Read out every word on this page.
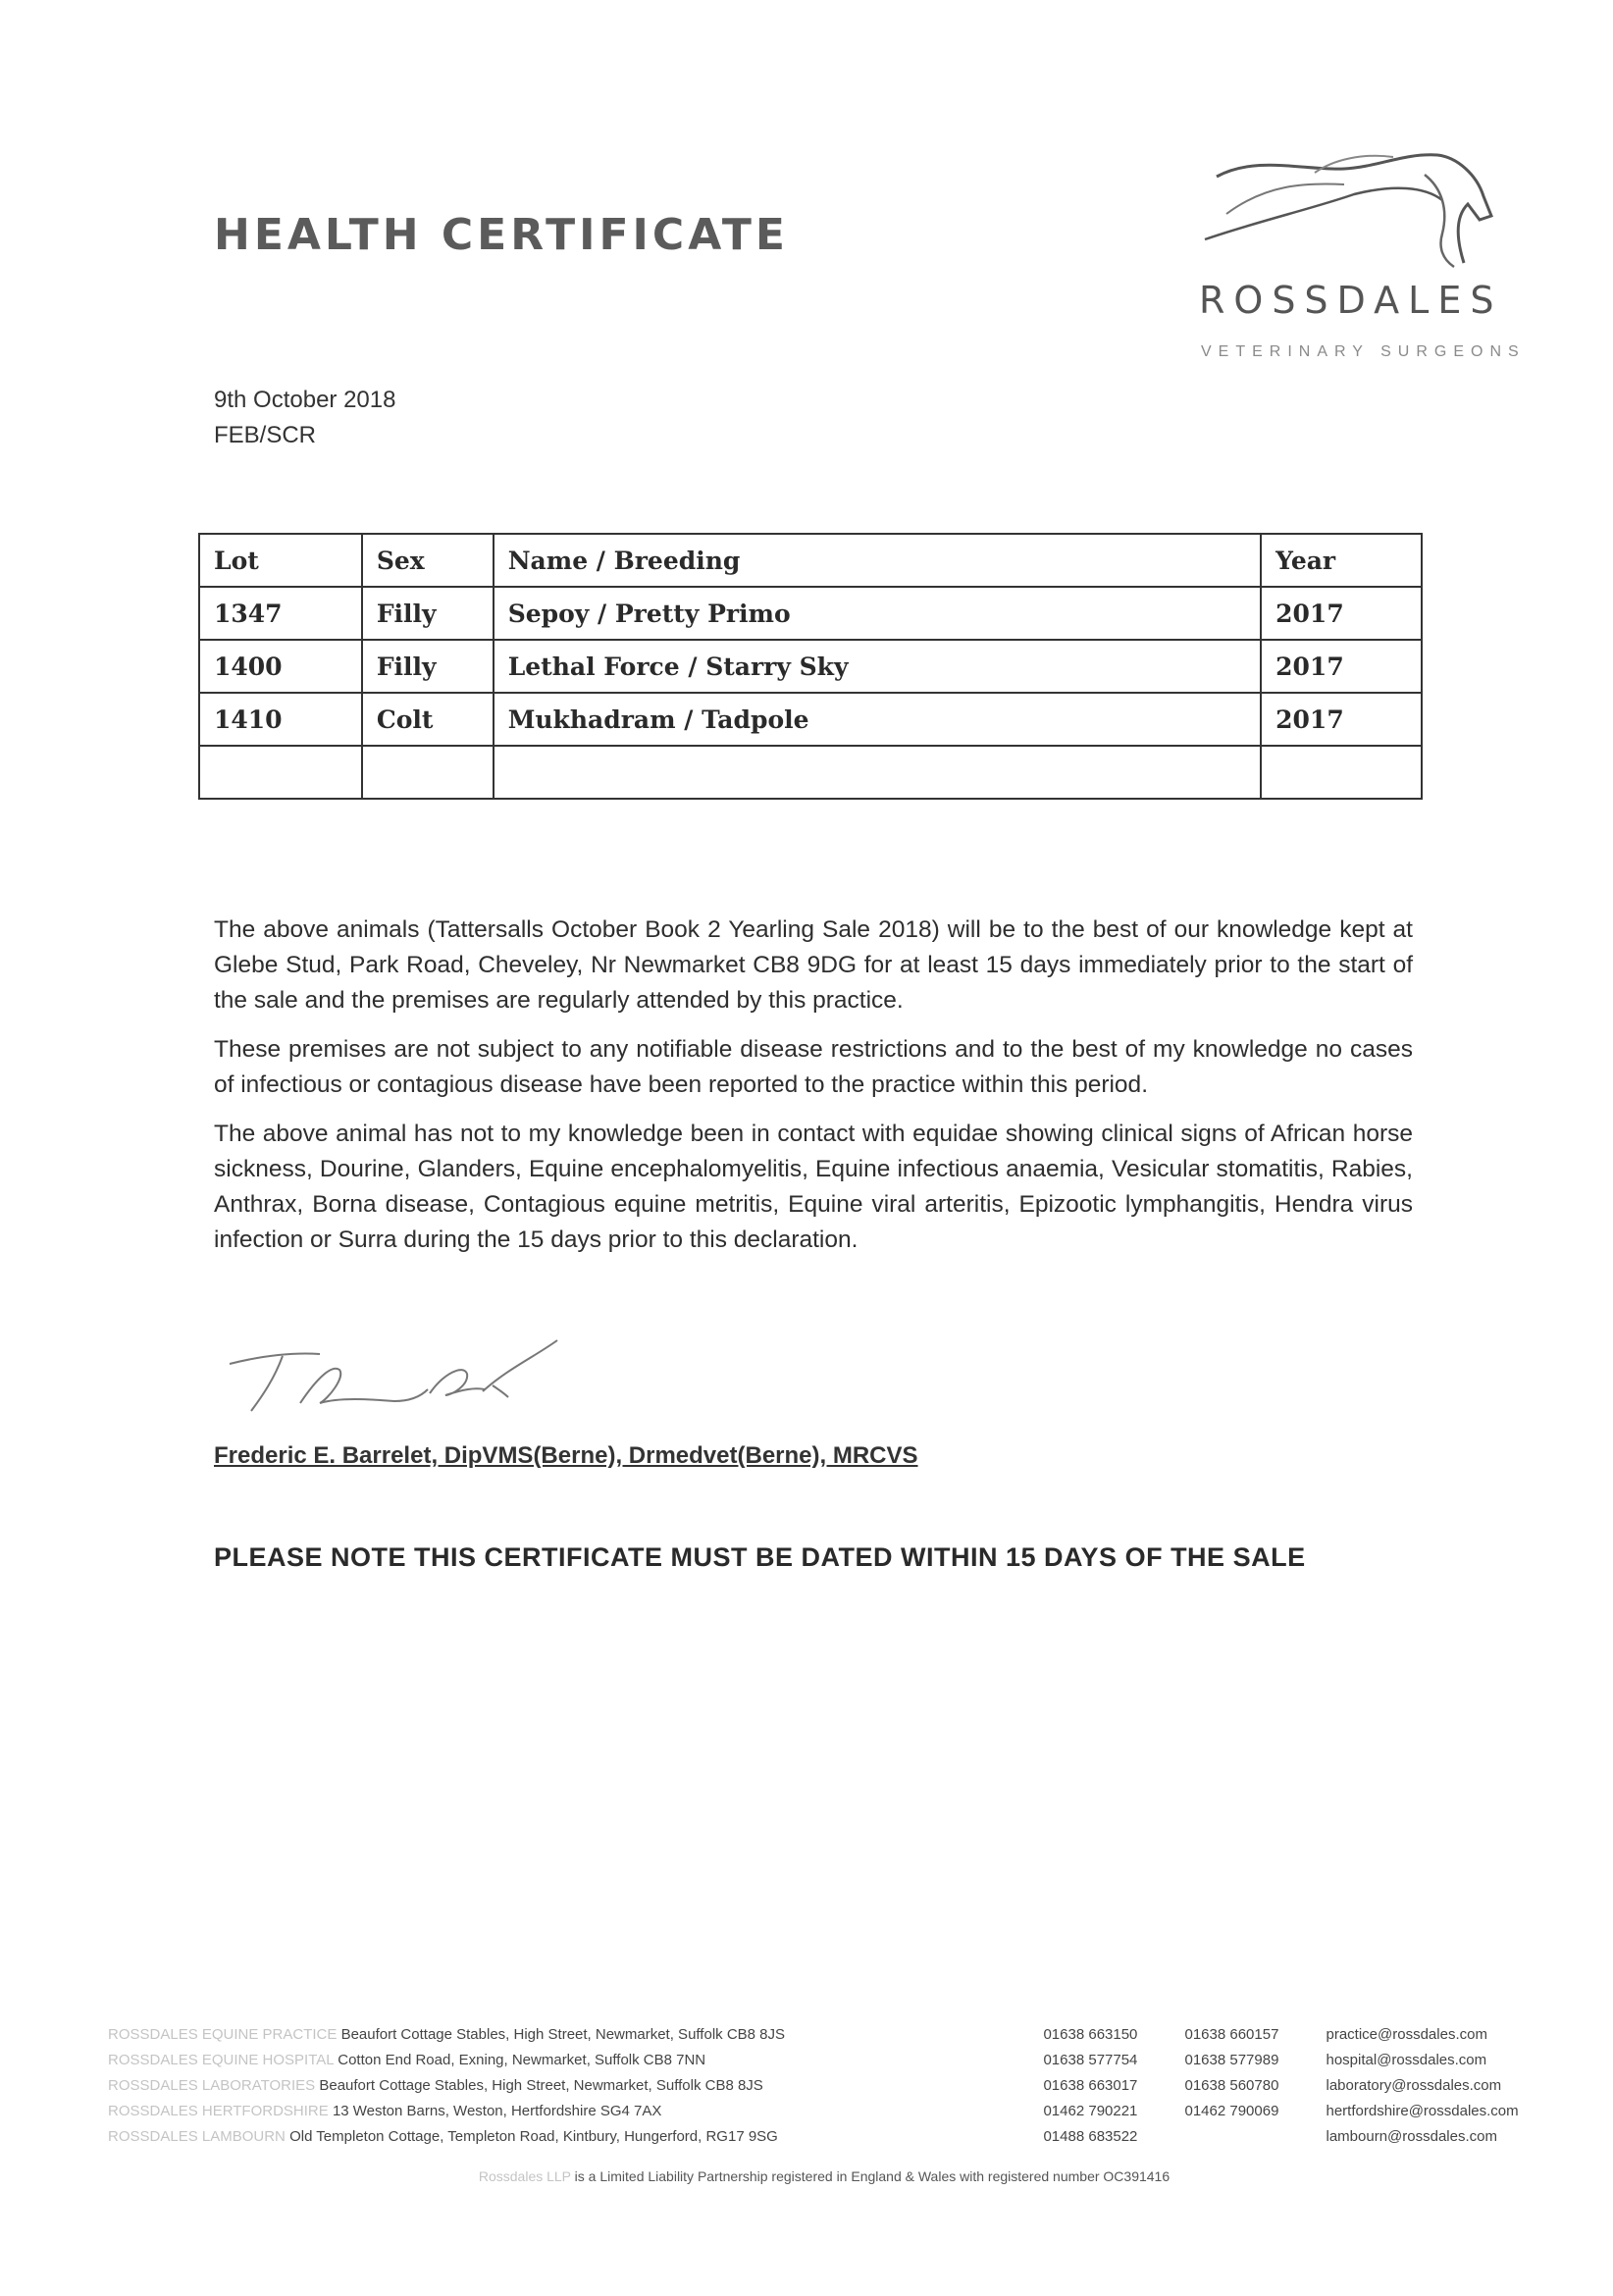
HEALTH CERTIFICATE
ROSSDALES
VETERINARY SURGEONS
9th October 2018
FEB/SCR
Lot	Sex	Name / Breeding	Year
1347	Filly	Sepoy / Pretty Primo	2017
1400	Filly	Lethal Force / Starry Sky	2017
1410	Colt	Mukhadram / Tadpole	2017

The above animals (Tattersalls October Book 2 Yearling Sale 2018) will be to the best of our knowledge kept at Glebe Stud, Park Road, Cheveley, Nr Newmarket CB8 9DG for at least 15 days immediately prior to the start of the sale and the premises are regularly attended by this practice.

These premises are not subject to any notifiable disease restrictions and to the best of my knowledge no cases of infectious or contagious disease have been reported to the practice within this period.

The above animal has not to my knowledge been in contact with equidae showing clinical signs of African horse sickness, Dourine, Glanders, Equine encephalomyelitis, Equine infectious anaemia, Vesicular stomatitis, Rabies, Anthrax, Borna disease, Contagious equine metritis, Equine viral arteritis, Epizootic lymphangitis, Hendra virus infection or Surra during the 15 days prior to this declaration.

Frederic E. Barrelet, DipVMS(Berne), Drmedvet(Berne), MRCVS
PLEASE NOTE THIS CERTIFICATE MUST BE DATED WITHIN 15 DAYS OF THE SALE
ROSSDALES EQUINE PRACTICE Beaufort Cottage Stables, High Street, Newmarket, Suffolk CB8 8JS	01638 663150	01638 660157	practice@rossdales.com
ROSSDALES EQUINE HOSPITAL Cotton End Road, Exning, Newmarket, Suffolk CB8 7NN	01638 577754	01638 577989	hospital@rossdales.com
ROSSDALES LABORATORIES Beaufort Cottage Stables, High Street, Newmarket, Suffolk CB8 8JS	01638 663017	01638 560780	laboratory@rossdales.com
ROSSDALES HERTFORDSHIRE 13 Weston Barns, Weston, Hertfordshire SG4 7AX	01462 790221	01462 790069	hertfordshire@rossdales.com
ROSSDALES LAMBOURN Old Templeton Cottage, Templeton Road, Kintbury, Hungerford, RG17 9SG	01488 683522	lambourn@rossdales.com
Rossdales LLP is a Limited Liability Partnership registered in England & Wales with registered number OC391416
